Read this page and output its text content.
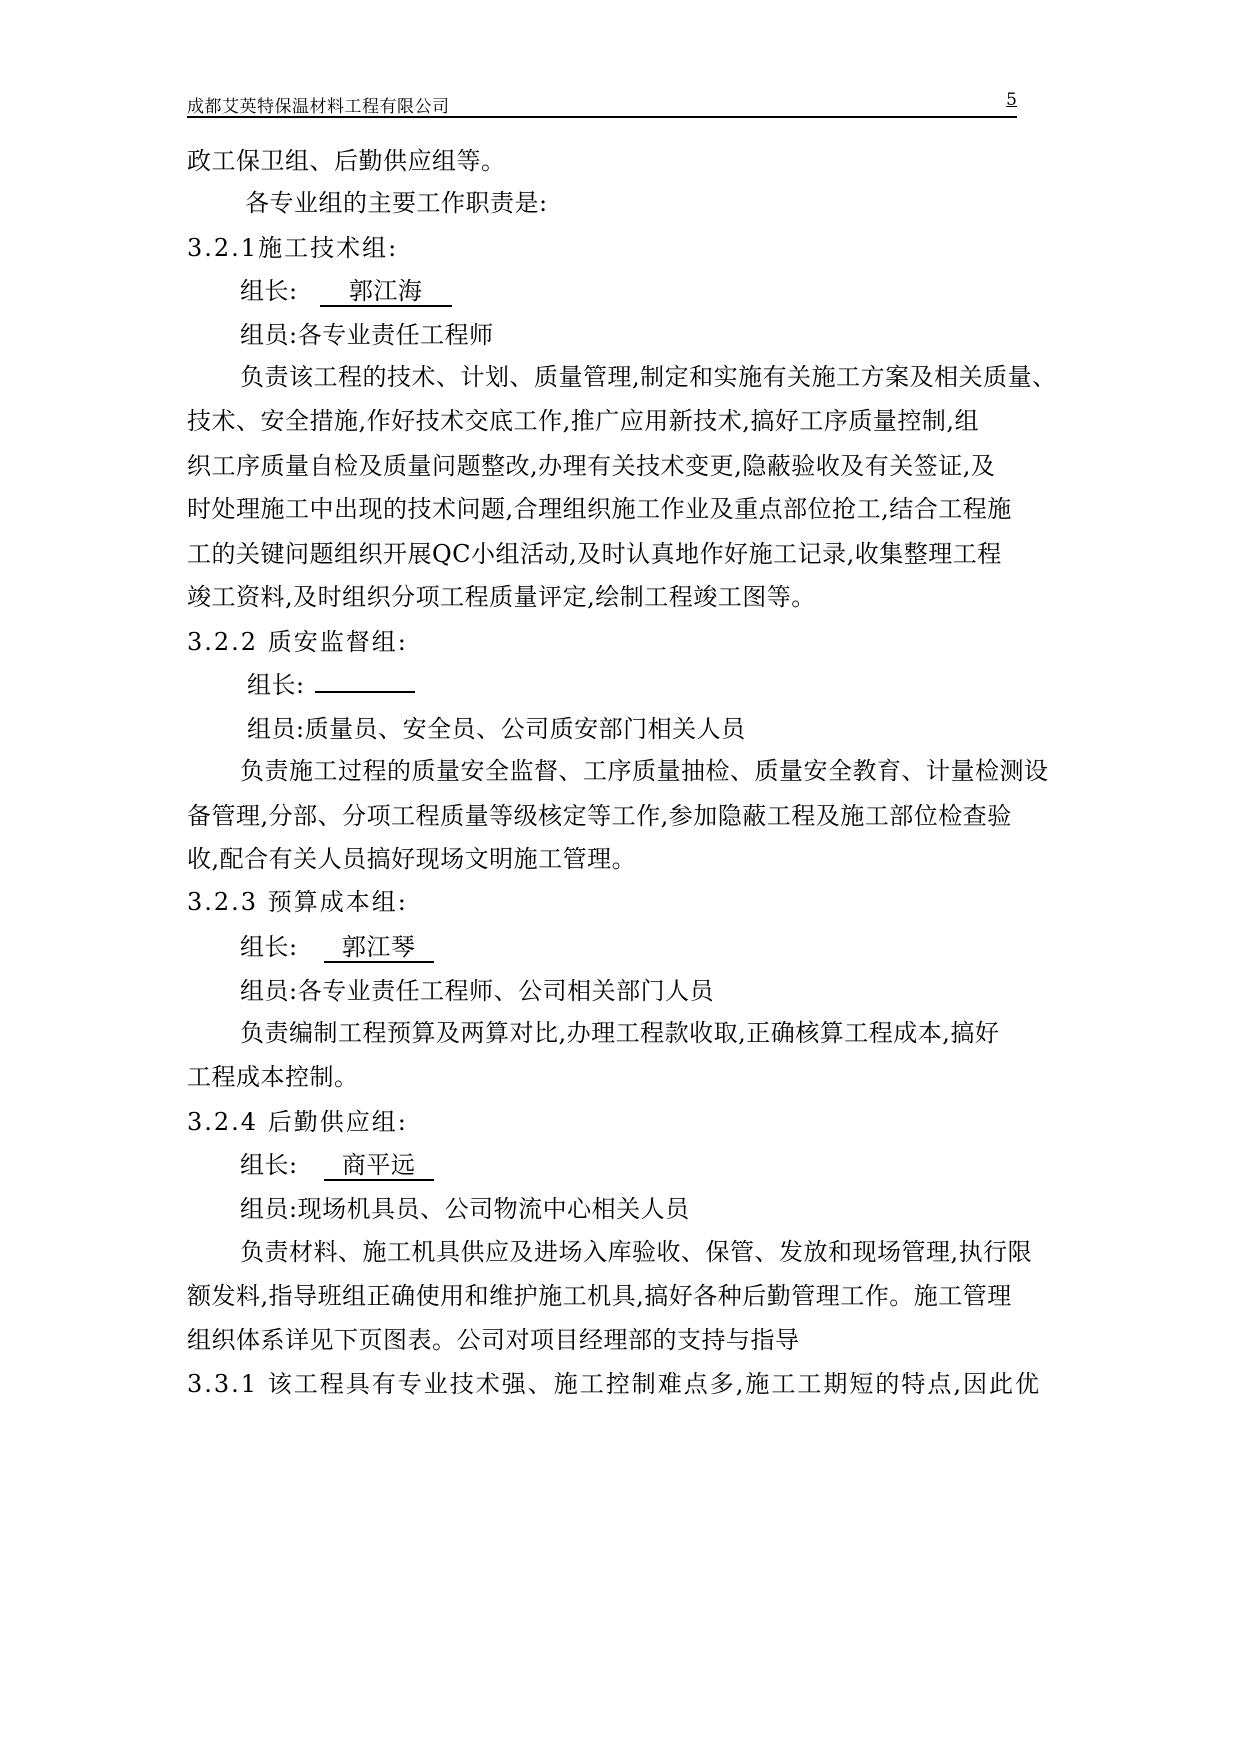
成都艾英特保温材料工程有限公司	5
政工保卫组、后勤供应组等。
各专业组的主要工作职责是:
3.2.1施工技术组:
组长: 郭江海
组员:各专业责任工程师
负责该工程的技术、计划、质量管理,制定和实施有关施工方案及相关质量、
技术、安全措施,作好技术交底工作,推广应用新技术,搞好工序质量控制,组
织工序质量自检及质量问题整改,办理有关技术变更,隐蔽验收及有关签证,及
时处理施工中出现的技术问题,合理组织施工作业及重点部位抢工,结合工程施
工的关键问题组织开展QC小组活动,及时认真地作好施工记录,收集整理工程
竣工资料,及时组织分项工程质量评定,绘制工程竣工图等。
3.2.2 质安监督组:
组长:
组员:质量员、安全员、公司质安部门相关人员
负责施工过程的质量安全监督、工序质量抽检、质量安全教育、计量检测设
备管理,分部、分项工程质量等级核定等工作,参加隐蔽工程及施工部位检查验
收,配合有关人员搞好现场文明施工管理。
3.2.3 预算成本组:
组长: 郭江琴
组员:各专业责任工程师、公司相关部门人员
负责编制工程预算及两算对比,办理工程款收取,正确核算工程成本,搞好
工程成本控制。
3.2.4 后勤供应组:
组长: 商平远
组员:现场机具员、公司物流中心相关人员
负责材料、施工机具供应及进场入库验收、保管、发放和现场管理,执行限
额发料,指导班组正确使用和维护施工机具,搞好各种后勤管理工作。施工管理
组织体系详见下页图表。公司对项目经理部的支持与指导
3.3.1 该工程具有专业技术强、施工控制难点多,施工工期短的特点,因此优
